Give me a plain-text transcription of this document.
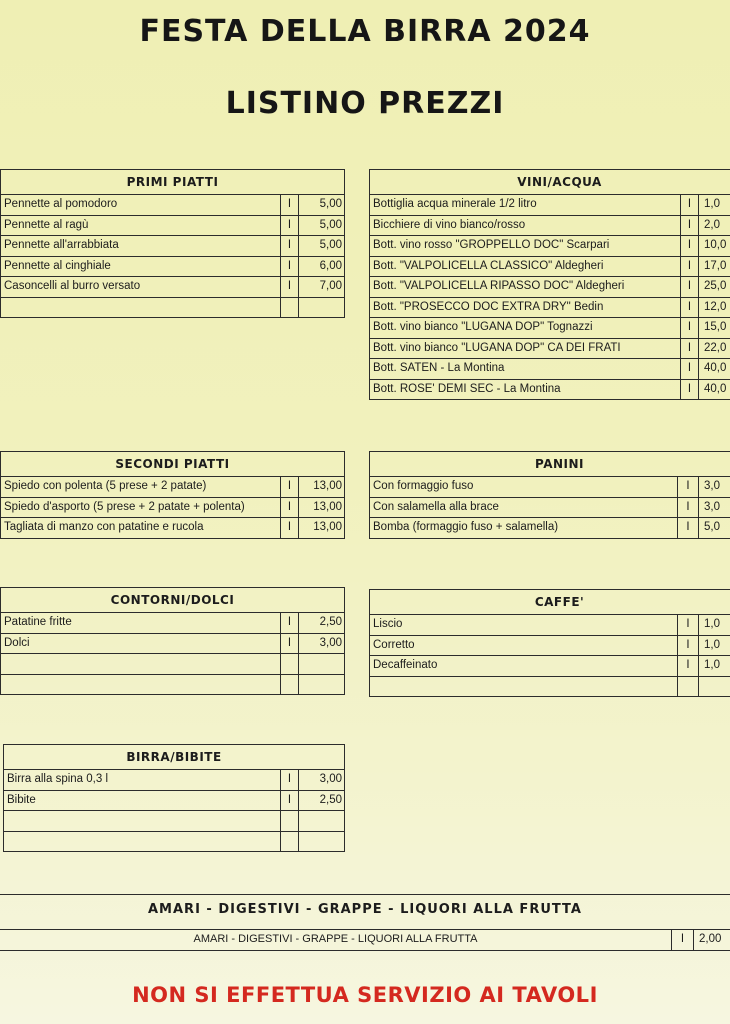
FESTA DELLA BIRRA 2024
LISTINO PREZZI
PRIMI PIATTI		
Pennette al pomodoro	I	5,00
Pennette al ragù	I	5,00
Pennette all'arrabbiata	I	5,00
Pennette al cinghiale	I	6,00
Casoncelli al burro versato	I	7,00

VINI/ACQUA		
Bottiglia acqua minerale 1/2 litro	I	1,0
Bicchiere di vino bianco/rosso	I	2,0
Bott. vino rosso "GROPPELLO DOC" Scarpari	I	10,0
Bott. "VALPOLICELLA CLASSICO" Aldegheri	I	17,0
Bott. "VALPOLICELLA RIPASSO DOC" Aldegheri	I	25,0
Bott. "PROSECCO DOC EXTRA DRY" Bedin	I	12,0
Bott. vino bianco "LUGANA DOP" Tognazzi	I	15,0
Bott. vino bianco "LUGANA DOP" CA DEI FRATI	I	22,0
Bott. SATEN - La Montina	I	40,0
Bott. ROSE' DEMI SEC - La Montina	I	40,0
SECONDI PIATTI		
Spiedo con polenta (5 prese + 2 patate)	I	13,00
Spiedo d'asporto (5 prese + 2 patate + polenta)	I	13,00
Tagliata di manzo con patatine e rucola	I	13,00
PANINI		
Con formaggio fuso	I	3,0
Con salamella alla brace	I	3,0
Bomba (formaggio fuso + salamella)	I	5,0
CONTORNI/DOLCI		
Patatine fritte	I	2,50
Dolci	I	3,00

CAFFE'		
Liscio	I	1,0
Corretto	I	1,0
Decaffeinato	I	1,0

BIRRA/BIBITE		
Birra alla spina 0,3 l	I	3,00
Bibite	I	2,50

AMARI - DIGESTIVI - GRAPPE - LIQUORI ALLA FRUTTA
AMARI - DIGESTIVI - GRAPPE - LIQUORI ALLA FRUTTA	I	2,00
NON SI EFFETTUA SERVIZIO AI TAVOLI
